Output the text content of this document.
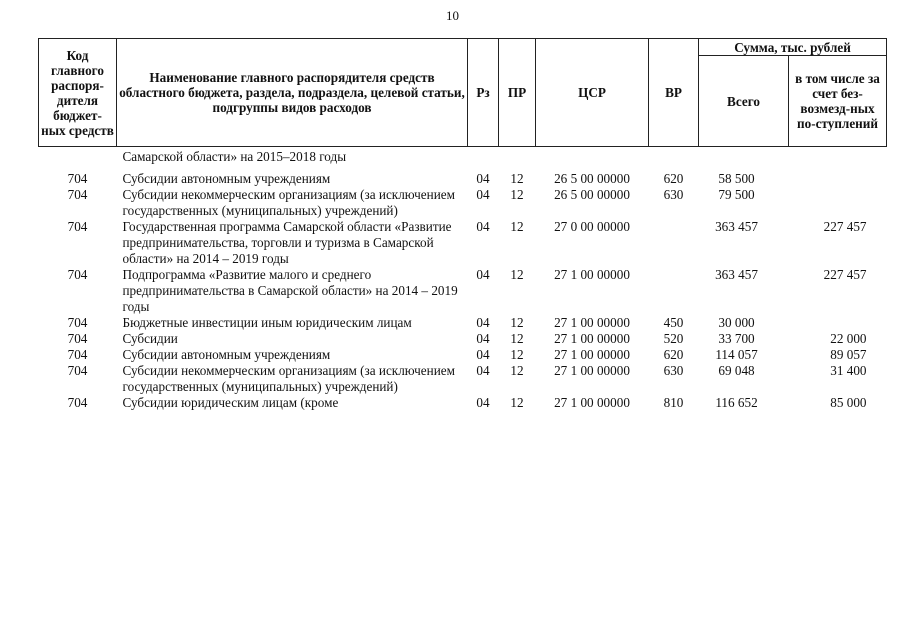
10
Код главного распоря-дителя бюджет-ных средств	Наименование главного распорядителя средств областного бюджета, раздела, подраздела, целевой статьи, подгруппы видов расходов	Рз	ПР	ЦСР	ВР	Сумма, тыс. рублей	
						Всего	в том числе за счет без-возмезд-ных по-ступлений
	Самарской области» на 2015–2018 годы						
704	Субсидии автономным учреждениям	04	12	26 5 00 00000	620	58 500	
704	Субсидии некоммерческим организациям (за исключением государственных (муниципальных) учреждений)	04	12	26 5 00 00000	630	79 500	
704	Государственная программа Самарской области «Развитие предпринимательства, торговли и туризма в Самарской области» на 2014 – 2019 годы	04	12	27 0 00 00000		363 457	227 457
704	Подпрограмма «Развитие малого и среднего предпринимательства в Самарской области» на 2014 – 2019 годы	04	12	27 1 00 00000		363 457	227 457
704	Бюджетные инвестиции иным юридическим лицам	04	12	27 1 00 00000	450	30 000	
704	Субсидии	04	12	27 1 00 00000	520	33 700	22 000
704	Субсидии автономным учреждениям	04	12	27 1 00 00000	620	114 057	89 057
704	Субсидии некоммерческим организациям (за исключением государственных (муниципальных) учреждений)	04	12	27 1 00 00000	630	69 048	31 400
704	Субсидии юридическим лицам (кроме	04	12	27 1 00 00000	810	116 652	85 000
